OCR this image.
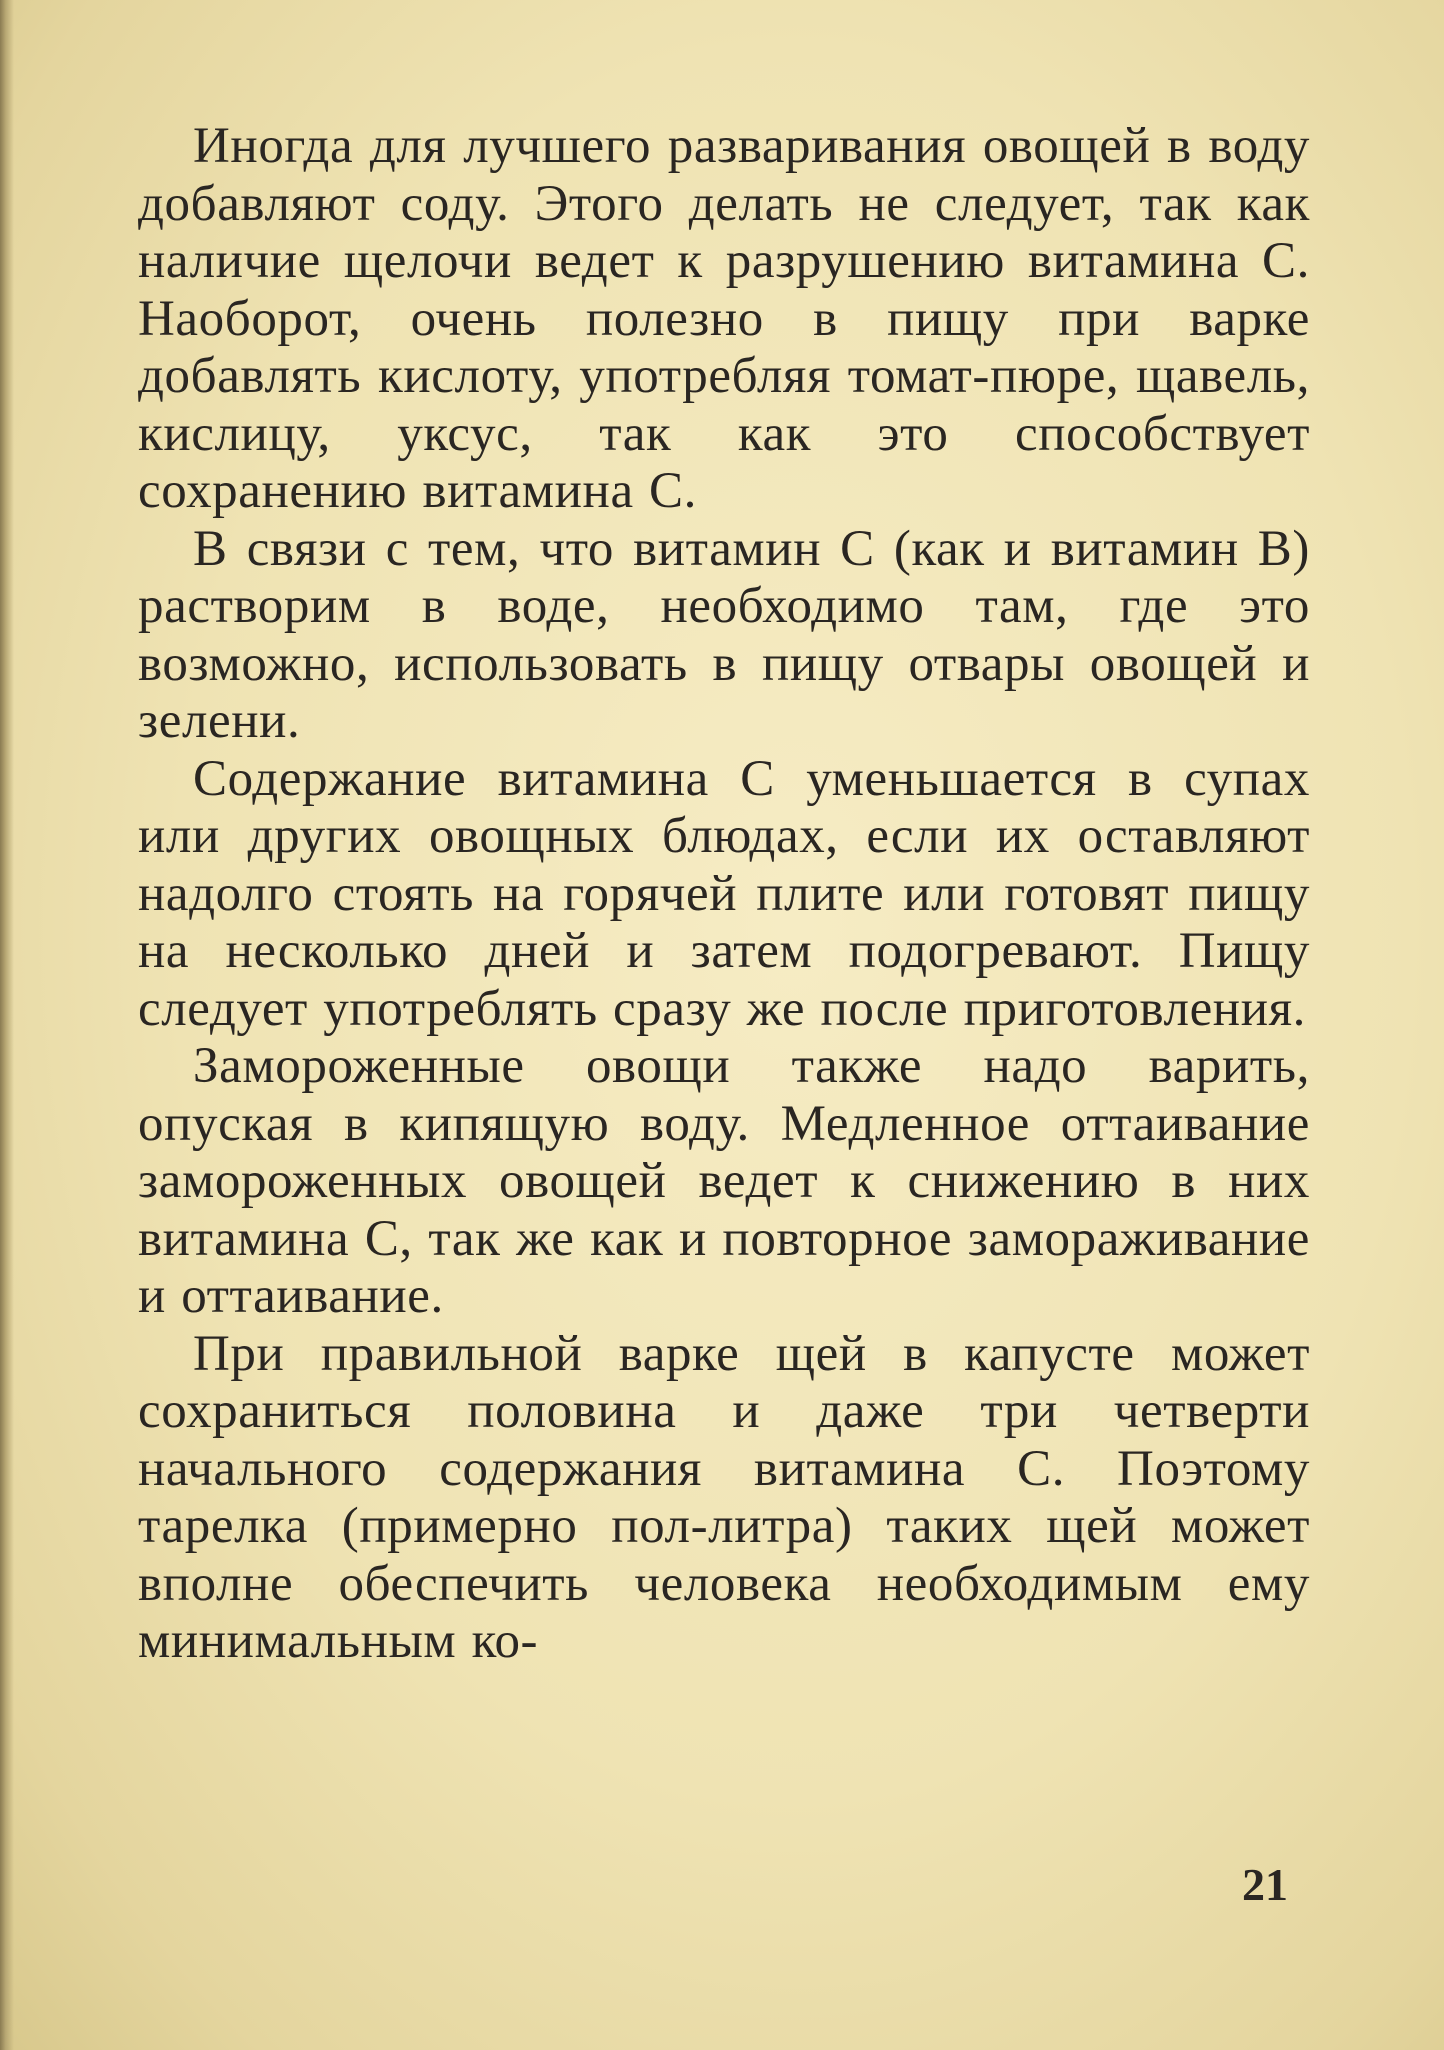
Иногда для лучшего разваривания овощей в воду добавляют соду. Этого делать не следует, так как наличие щелочи ведет к разрушению витамина С. Наоборот, очень полезно в пищу при варке добавлять кислоту, употребляя томат-пюре, щавель, кислицу, уксус, так как это способствует сохранению витамина С.

В связи с тем, что витамин С (как и витамин В) растворим в воде, необходимо там, где это возможно, использовать в пищу отвары овощей и зелени.

Содержание витамина С уменьшается в супах или других овощных блюдах, если их оставляют надолго стоять на горячей плите или готовят пищу на несколько дней и затем подогревают. Пищу следует употреблять сразу же после приготовления.

Замороженные овощи также надо варить, опуская в кипящую воду. Медленное оттаивание замороженных овощей ведет к снижению в них витамина С, так же как и повторное замораживание и оттаивание.

При правильной варке щей в капусте может сохраниться половина и даже три четверти начального содержания витамина С. Поэтому тарелка (примерно пол-литра) таких щей может вполне обеспечить человека необходимым ему минимальным ко-

21
